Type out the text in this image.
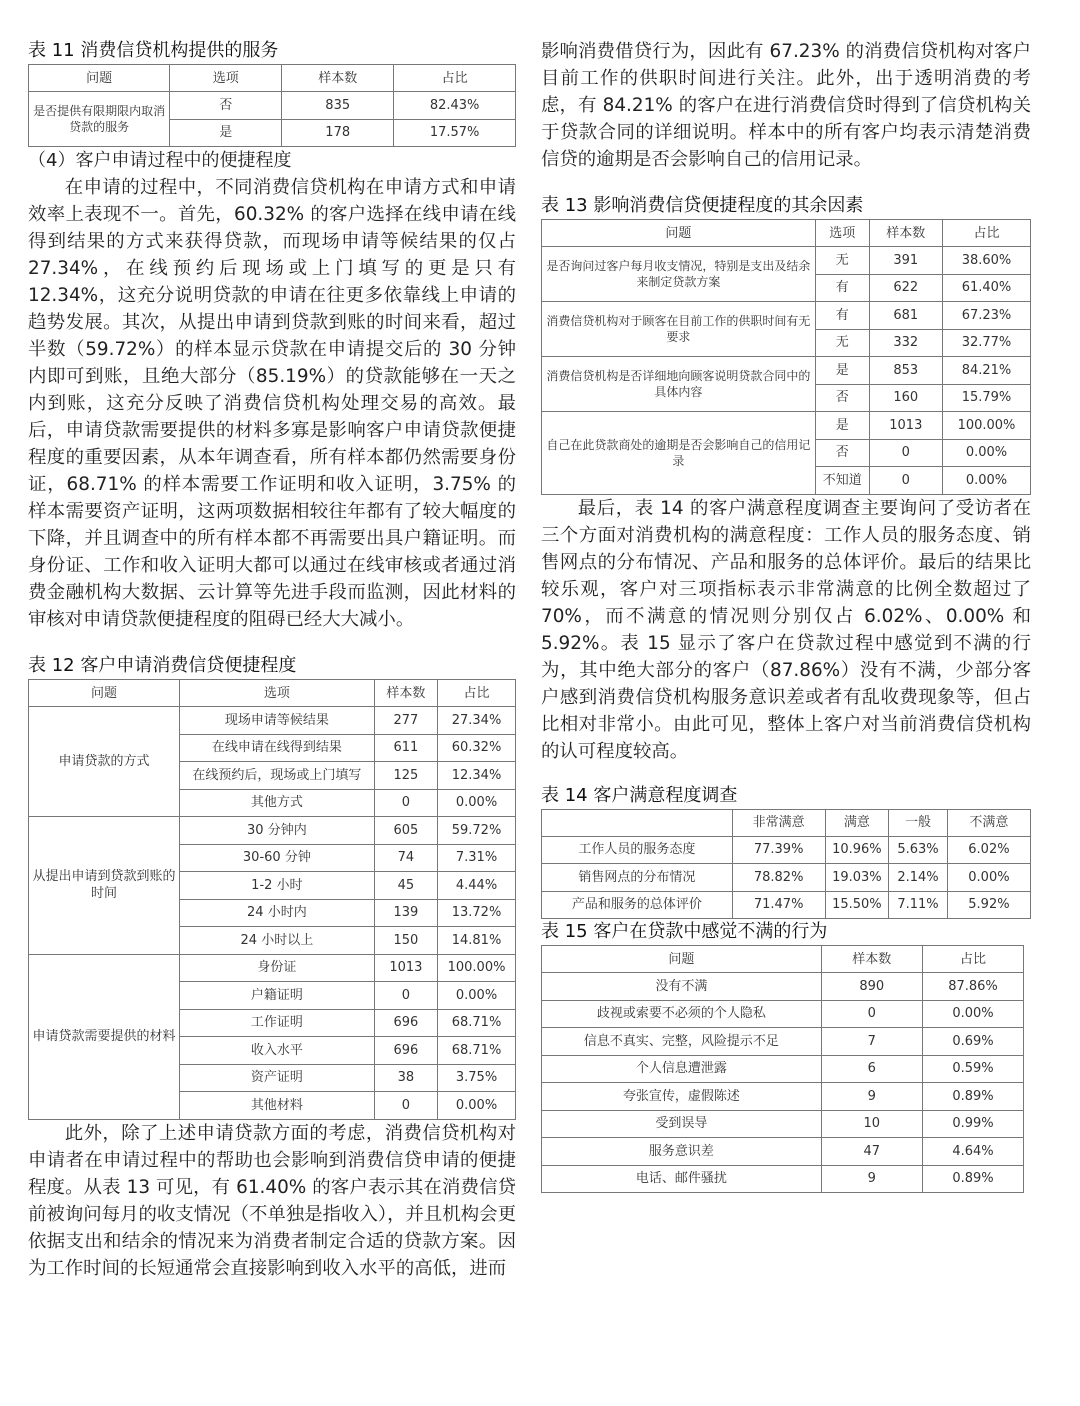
表 11 消费信贷机构提供的服务
问题	选项	样本数	占比
是否提供有限期限内取消贷款的服务	否	835	82.43%
	是	178	17.57%
（4）客户申请过程中的便捷程度

在申请的过程中，不同消费信贷机构在申请方式和申请效率上表现不一。首先，60.32% 的客户选择在线申请在线得到结果的方式来获得贷款，而现场申请等候结果的仅占 27.34%，在线预约后现场或上门填写的更是只有 12.34%，这充分说明贷款的申请在往更多依靠线上申请的趋势发展。其次，从提出申请到贷款到账的时间来看，超过半数（59.72%）的样本显示贷款在申请提交后的 30 分钟内即可到账，且绝大部分（85.19%）的贷款能够在一天之内到账，这充分反映了消费信贷机构处理交易的高效。最后，申请贷款需要提供的材料多寡是影响客户申请贷款便捷程度的重要因素，从本年调查看，所有样本都仍然需要身份证，68.71% 的样本需要工作证明和收入证明，3.75% 的样本需要资产证明，这两项数据相较往年都有了较大幅度的下降，并且调查中的所有样本都不再需要出具户籍证明。而身份证、工作和收入证明大都可以通过在线审核或者通过消费金融机构大数据、云计算等先进手段而监测，因此材料的审核对申请贷款便捷程度的阻碍已经大大减小。

表 12 客户申请消费信贷便捷程度
问题	选项	样本数	占比
申请贷款的方式	现场申请等候结果	277	27.34%
	在线申请在线得到结果	611	60.32%
	在线预约后，现场或上门填写	125	12.34%
	其他方式	0	0.00%
从提出申请到贷款到账的时间	30 分钟内	605	59.72%
	30-60 分钟	74	7.31%
	1-2 小时	45	4.44%
	24 小时内	139	13.72%
	24 小时以上	150	14.81%
申请贷款需要提供的材料	身份证	1013	100.00%
	户籍证明	0	0.00%
	工作证明	696	68.71%
	收入水平	696	68.71%
	资产证明	38	3.75%
	其他材料	0	0.00%

此外，除了上述申请贷款方面的考虑，消费信贷机构对申请者在申请过程中的帮助也会影响到消费信贷申请的便捷程度。从表 13 可见，有 61.40% 的客户表示其在消费信贷前被询问每月的收支情况（不单独是指收入），并且机构会更依据支出和结余的情况来为消费者制定合适的贷款方案。因为工作时间的长短通常会直接影响到收入水平的高低，进而

影响消费借贷行为，因此有 67.23% 的消费信贷机构对客户目前工作的供职时间进行关注。此外，出于透明消费的考虑，有 84.21% 的客户在进行消费信贷时得到了信贷机构关于贷款合同的详细说明。样本中的所有客户均表示清楚消费信贷的逾期是否会影响自己的信用记录。

表 13 影响消费信贷便捷程度的其余因素
问题	选项	样本数	占比
是否询问过客户每月收支情况，特别是支出及结余来制定贷款方案	无	391	38.60%
	有	622	61.40%
消费信贷机构对于顾客在目前工作的供职时间有无要求	有	681	67.23%
	无	332	32.77%
消费信贷机构是否详细地向顾客说明贷款合同中的具体内容	是	853	84.21%
	否	160	15.79%
自己在此贷款商处的逾期是否会影响自己的信用记录	是	1013	100.00%
	否	0	0.00%
	不知道	0	0.00%

最后，表 14 的客户满意程度调查主要询问了受访者在三个方面对消费机构的满意程度：工作人员的服务态度、销售网点的分布情况、产品和服务的总体评价。最后的结果比较乐观，客户对三项指标表示非常满意的比例全数超过了 70%，而不满意的情况则分别仅占 6.02%、0.00% 和 5.92%。表 15 显示了客户在贷款过程中感觉到不满的行为，其中绝大部分的客户（87.86%）没有不满，少部分客户感到消费信贷机构服务意识差或者有乱收费现象等，但占比相对非常小。由此可见，整体上客户对当前消费信贷机构的认可程度较高。

表 14 客户满意程度调查
	非常满意	满意	一般	不满意
工作人员的服务态度	77.39%	10.96%	5.63%	6.02%
销售网点的分布情况	78.82%	19.03%	2.14%	0.00%
产品和服务的总体评价	71.47%	15.50%	7.11%	5.92%
表 15 客户在贷款中感觉不满的行为
问题	样本数	占比
没有不满	890	87.86%
歧视或索要不必须的个人隐私	0	0.00%
信息不真实、完整，风险提示不足	7	0.69%
个人信息遭泄露	6	0.59%
夸张宣传，虚假陈述	9	0.89%
受到误导	10	0.99%
服务意识差	47	4.64%
电话、邮件骚扰	9	0.89%
